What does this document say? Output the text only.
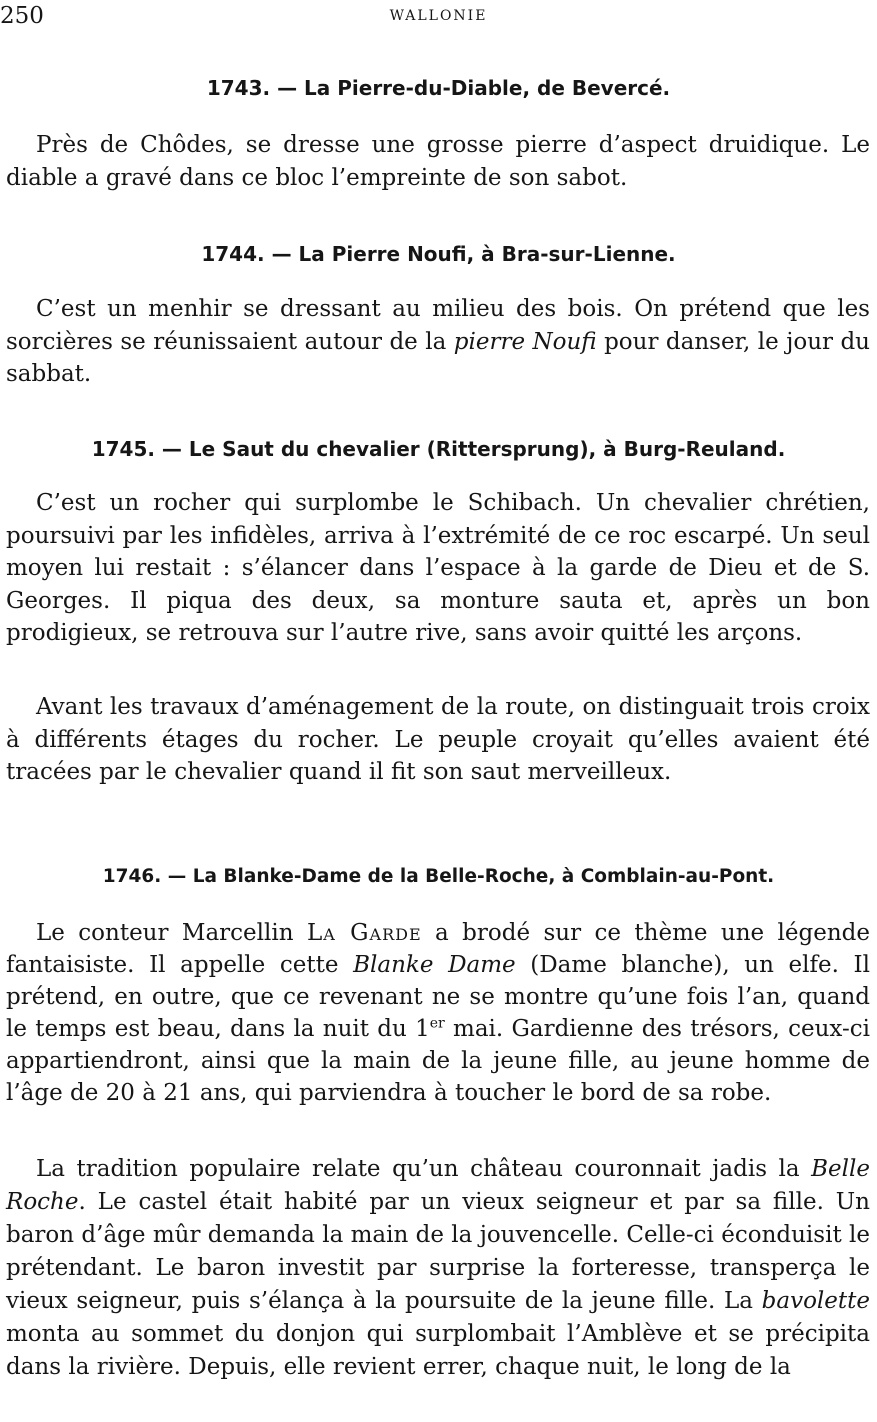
250	WALLONIE
1743. — La Pierre-du-Diable, de Bevercé.
Près de Chôdes, se dresse une grosse pierre d’aspect druidique. Le diable a gravé dans ce bloc l’empreinte de son sabot.
1744. — La Pierre Noufi, à Bra-sur-Lienne.
C’est un menhir se dressant au milieu des bois. On prétend que les sorcières se réunissaient autour de la pierre Noufi pour danser, le jour du sabbat.
1745. — Le Saut du chevalier (Rittersprung), à Burg-Reuland.
C’est un rocher qui surplombe le Schibach. Un chevalier chrétien, poursuivi par les infidèles, arriva à l’extrémité de ce roc escarpé. Un seul moyen lui restait : s’élancer dans l’espace à la garde de Dieu et de S. Georges. Il piqua des deux, sa monture sauta et, après un bon prodigieux, se retrouva sur l’autre rive, sans avoir quitté les arçons.
Avant les travaux d’aménagement de la route, on distinguait trois croix à différents étages du rocher. Le peuple croyait qu’elles avaient été tracées par le chevalier quand il fit son saut merveilleux.
1746. — La Blanke-Dame de la Belle-Roche, à Comblain-au-Pont.
Le conteur Marcellin La Garde a brodé sur ce thème une légende fantaisiste. Il appelle cette Blanke Dame (Dame blanche), un elfe. Il prétend, en outre, que ce revenant ne se montre qu’une fois l’an, quand le temps est beau, dans la nuit du 1er mai. Gardienne des trésors, ceux-ci appartiendront, ainsi que la main de la jeune fille, au jeune homme de l’âge de 20 à 21 ans, qui parviendra à toucher le bord de sa robe.
La tradition populaire relate qu’un château couronnait jadis la Belle Roche. Le castel était habité par un vieux seigneur et par sa fille. Un baron d’âge mûr demanda la main de la jouvencelle. Celle-ci éconduisit le prétendant. Le baron investit par surprise la forteresse, transperça le vieux seigneur, puis s’élança à la poursuite de la jeune fille. La bavolette monta au sommet du donjon qui surplombait l’Amblève et se précipita dans la rivière. Depuis, elle revient errer, chaque nuit, le long de la
